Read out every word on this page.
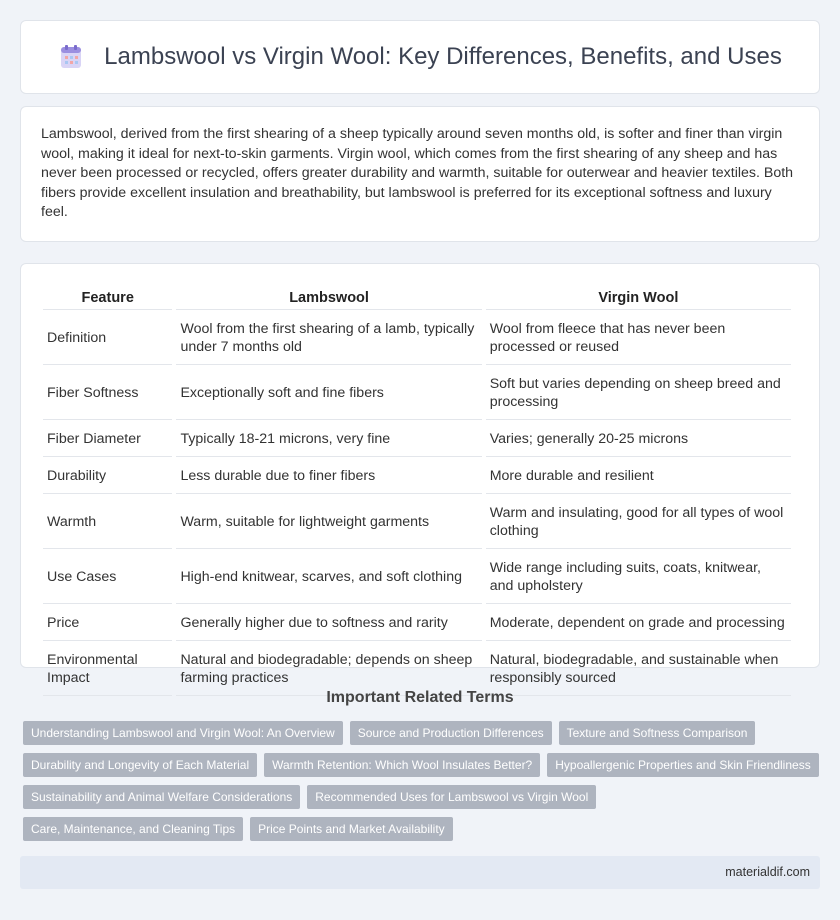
Lambswool vs Virgin Wool: Key Differences, Benefits, and Uses

Lambswool, derived from the first shearing of a sheep typically around seven months old, is softer and finer than virgin wool, making it ideal for next-to-skin garments. Virgin wool, which comes from the first shearing of any sheep and has never been processed or recycled, offers greater durability and warmth, suitable for outerwear and heavier textiles. Both fibers provide excellent insulation and breathability, but lambswool is preferred for its exceptional softness and luxury feel.

Feature	Lambswool	Virgin Wool
Definition	Wool from the first shearing of a lamb, typically under 7 months old	Wool from fleece that has never been processed or reused
Fiber Softness	Exceptionally soft and fine fibers	Soft but varies depending on sheep breed and processing
Fiber Diameter	Typically 18-21 microns, very fine	Varies; generally 20-25 microns
Durability	Less durable due to finer fibers	More durable and resilient
Warmth	Warm, suitable for lightweight garments	Warm and insulating, good for all types of wool clothing
Use Cases	High-end knitwear, scarves, and soft clothing	Wide range including suits, coats, knitwear, and upholstery
Price	Generally higher due to softness and rarity	Moderate, dependent on grade and processing
Environmental Impact	Natural and biodegradable; depends on sheep farming practices	Natural, biodegradable, and sustainable when responsibly sourced
Important Related Terms
Understanding Lambswool and Virgin Wool: An Overview	Source and Production Differences	Texture and Softness Comparison
Durability and Longevity of Each Material	Warmth Retention: Which Wool Insulates Better?	Hypoallergenic Properties and Skin Friendliness
Sustainability and Animal Welfare Considerations	Recommended Uses for Lambswool vs Virgin Wool
Care, Maintenance, and Cleaning Tips	Price Points and Market Availability
materialdif.com
